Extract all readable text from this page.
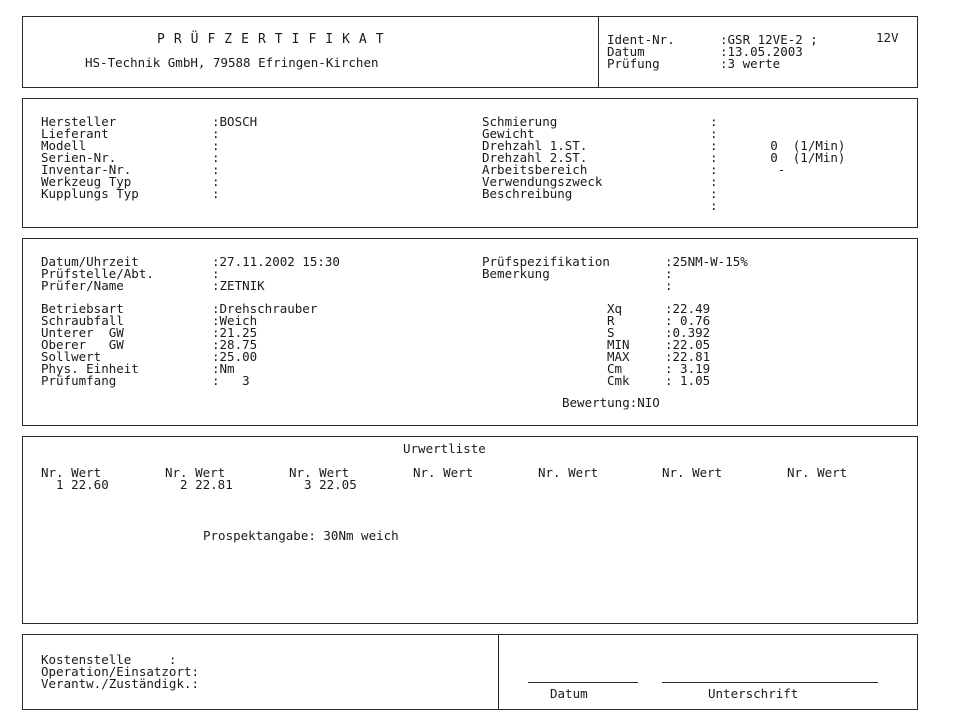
PRÜFZERTIFIKAT
HS-Technik GmbH, 79588 Efringen-Kirchen
Ident-Nr.	:GSR 12VE-2 ;	12V
Datum	:13.05.2003
Prüfung	:3 werte
Hersteller	:BOSCH
Lieferant	:
Modell	:
Serien-Nr.	:
Inventar-Nr.	:
Werkzeug Typ	:
Kupplungs Typ	:
Schmierung	:
Gewicht	:
Drehzahl 1.ST.	:       0  (1/Min)
Drehzahl 2.ST.	:       0  (1/Min)
Arbeitsbereich	:        -
Verwendungszweck	:
Beschreibung	:
:
Datum/Uhrzeit	:27.11.2002 15:30
Prüfstelle/Abt.	:
Prüfer/Name	:ZETNIK
Prüfspezifikation	:25NM-W-15%
Bemerkung	:
:
Betriebsart	:Drehschrauber
Schraubfall	:Weich
Unterer  GW	:21.25
Oberer   GW	:28.75
Sollwert	:25.00
Phys. Einheit	:Nm
Prüfumfang	:   3
Xq	:22.49
R	: 0.76
S	:0.392
MIN	:22.05
MAX	:22.81
Cm	: 3.19
Cmk	: 1.05
Bewertung:NIO
Urwertliste
Nr. Wert	Nr. Wert	Nr. Wert	Nr. Wert	Nr. Wert	Nr. Wert	Nr. Wert
1 22.60	2 22.81	3 22.05
Prospektangabe: 30Nm weich
Kostenstelle     :
Operation/Einsatzort:
Verantw./Zuständigk.:
Datum	Unterschrift
